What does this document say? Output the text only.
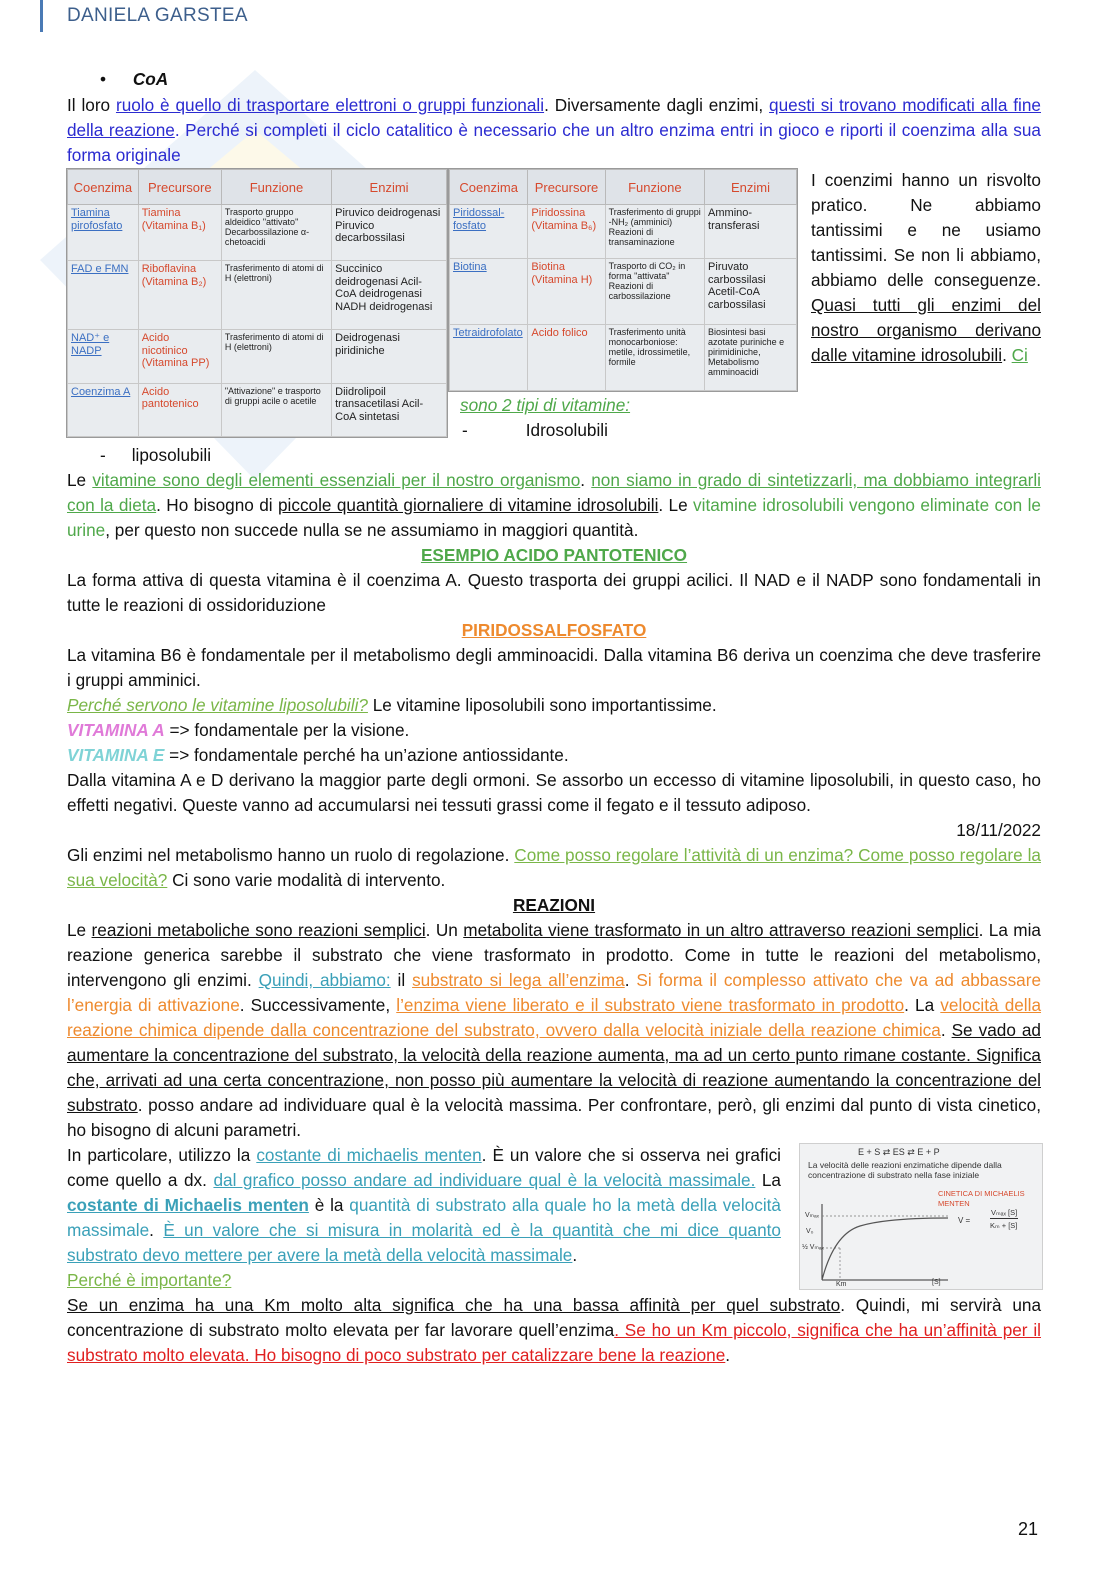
DANIELA GARSTEA
• CoA
Il loro ruolo è quello di trasportare elettroni o gruppi funzionali. Diversamente dagli enzimi, questi si trovano modificati alla fine della reazione. Perché si completi il ciclo catalitico è necessario che un altro enzima entri in gioco e riporti il coenzima alla sua forma originale
Coenzima	Precursore	Funzione	Enzimi
Tiamina pirofosfato	Tiamina (Vitamina B₁)	Trasporto gruppo aldeidico "attivato" Decarbossilazione α-chetoacidi	Piruvico deidrogenasi Piruvico decarbossilasi
FAD e FMN	Riboflavina (Vitamina B₂)	Trasferimento di atomi di H (elettroni)	Succinico deidrogenasi Acil-CoA deidrogenasi NADH deidrogenasi
NAD⁺ e NADP	Acido nicotinico (Vitamina PP)	Trasferimento di atomi di H (elettroni)	Deidrogenasi piridiniche
Coenzima A	Acido pantotenico	"Attivazione" e trasporto di gruppi acile o acetile	Diidrolipoil transacetilasi Acil-CoA sintetasi
Coenzima	Precursore	Funzione	Enzimi
Piridossal-fosfato	Piridossina (Vitamina B₆)	Trasferimento di gruppi -NH₂ (amminici) Reazioni di transaminazione	Ammino-transferasi
Biotina	Biotina (Vitamina H)	Trasporto di CO₂ in forma "attivata" Reazioni di carbossilazione	Piruvato carbossilasi Acetil-CoA carbossilasi
Tetraidrofolato	Acido folico	Trasferimento unità monocarboniose: metile, idrossimetile, formile	Biosintesi basi azotate puriniche e pirimidiniche, Metabolismo amminoacidi
I coenzimi hanno un risvolto pratico. Ne abbiamo tantissimi e ne usiamo tantissimi. Se non li abbiamo, abbiamo delle conseguenze. Quasi tutti gli enzimi del nostro organismo derivano dalle vitamine idrosolubili. Ci
sono 2 tipi di vitamine:
-	Idrosolubili
- liposolubili
Le vitamine sono degli elementi essenziali per il nostro organismo. non siamo in grado di sintetizzarli, ma dobbiamo integrarli con la dieta. Ho bisogno di piccole quantità giornaliere di vitamine idrosolubili. Le vitamine idrosolubili vengono eliminate con le urine, per questo non succede nulla se ne assumiamo in maggiori quantità.
ESEMPIO ACIDO PANTOTENICO
La forma attiva di questa vitamina è il coenzima A. Questo trasporta dei gruppi acilici. Il NAD e il NADP sono fondamentali in tutte le reazioni di ossidoriduzione
PIRIDOSSALFOSFATO
La vitamina B6 è fondamentale per il metabolismo degli amminoacidi. Dalla vitamina B6 deriva un coenzima che deve trasferire i gruppi amminici.
Perché servono le vitamine liposolubili? Le vitamine liposolubili sono importantissime.
VITAMINA A => fondamentale per la visione.
VITAMINA E => fondamentale perché ha un’azione antiossidante.
Dalla vitamina A e D derivano la maggior parte degli ormoni. Se assorbo un eccesso di vitamine liposolubili, in questo caso, ho effetti negativi. Queste vanno ad accumularsi nei tessuti grassi come il fegato e il tessuto adiposo.
18/11/2022
Gli enzimi nel metabolismo hanno un ruolo di regolazione. Come posso regolare l’attività di un enzima? Come posso regolare la sua velocità? Ci sono varie modalità di intervento.
REAZIONI
Le reazioni metaboliche sono reazioni semplici. Un metabolita viene trasformato in un altro attraverso reazioni semplici. La mia reazione generica sarebbe il substrato che viene trasformato in prodotto. Come in tutte le reazioni del metabolismo, intervengono gli enzimi. Quindi, abbiamo: il substrato si lega all’enzima. Si forma il complesso attivato che va ad abbassare l’energia di attivazione. Successivamente, l’enzima viene liberato e il substrato viene trasformato in prodotto. La velocità della reazione chimica dipende dalla concentrazione del substrato, ovvero dalla velocità iniziale della reazione chimica. Se vado ad aumentare la concentrazione del substrato, la velocità della reazione aumenta, ma ad un certo punto rimane costante. Significa che, arrivati ad una certa concentrazione, non posso più aumentare la velocità di reazione aumentando la concentrazione del substrato. posso andare ad individuare qual è la velocità massima. Per confrontare, però, gli enzimi dal punto di vista cinetico, ho bisogno di alcuni parametri.
In particolare, utilizzo la costante di michaelis menten. È un valore che si osserva nei grafici come quello a dx. dal grafico posso andare ad individuare qual è la velocità massimale. La costante di Michaelis menten è la quantità di substrato alla quale ho la metà della velocità massimale. È un valore che si misura in molarità ed è la quantità che mi dice quanto substrato devo mettere per avere la metà della velocità massimale.
Perché è importante?
E + S ⇄ ES ⇄ E + P
La velocità delle reazioni enzimatiche dipende dalla concentrazione di substrato nella fase iniziale
CINETICA DI MICHAELIS MENTEN
Vₘₐₓ
½ Vₘₐₓ
V₀
Km	[S]
V =
Vₘₐₓ [S]
Kₘ + [S]
Se un enzima ha una Km molto alta significa che ha una bassa affinità per quel substrato. Quindi, mi servirà una concentrazione di substrato molto elevata per far lavorare quell’enzima. Se ho un Km piccolo, significa che ha un’affinità per il substrato molto elevata. Ho bisogno di poco substrato per catalizzare bene la reazione.
21
